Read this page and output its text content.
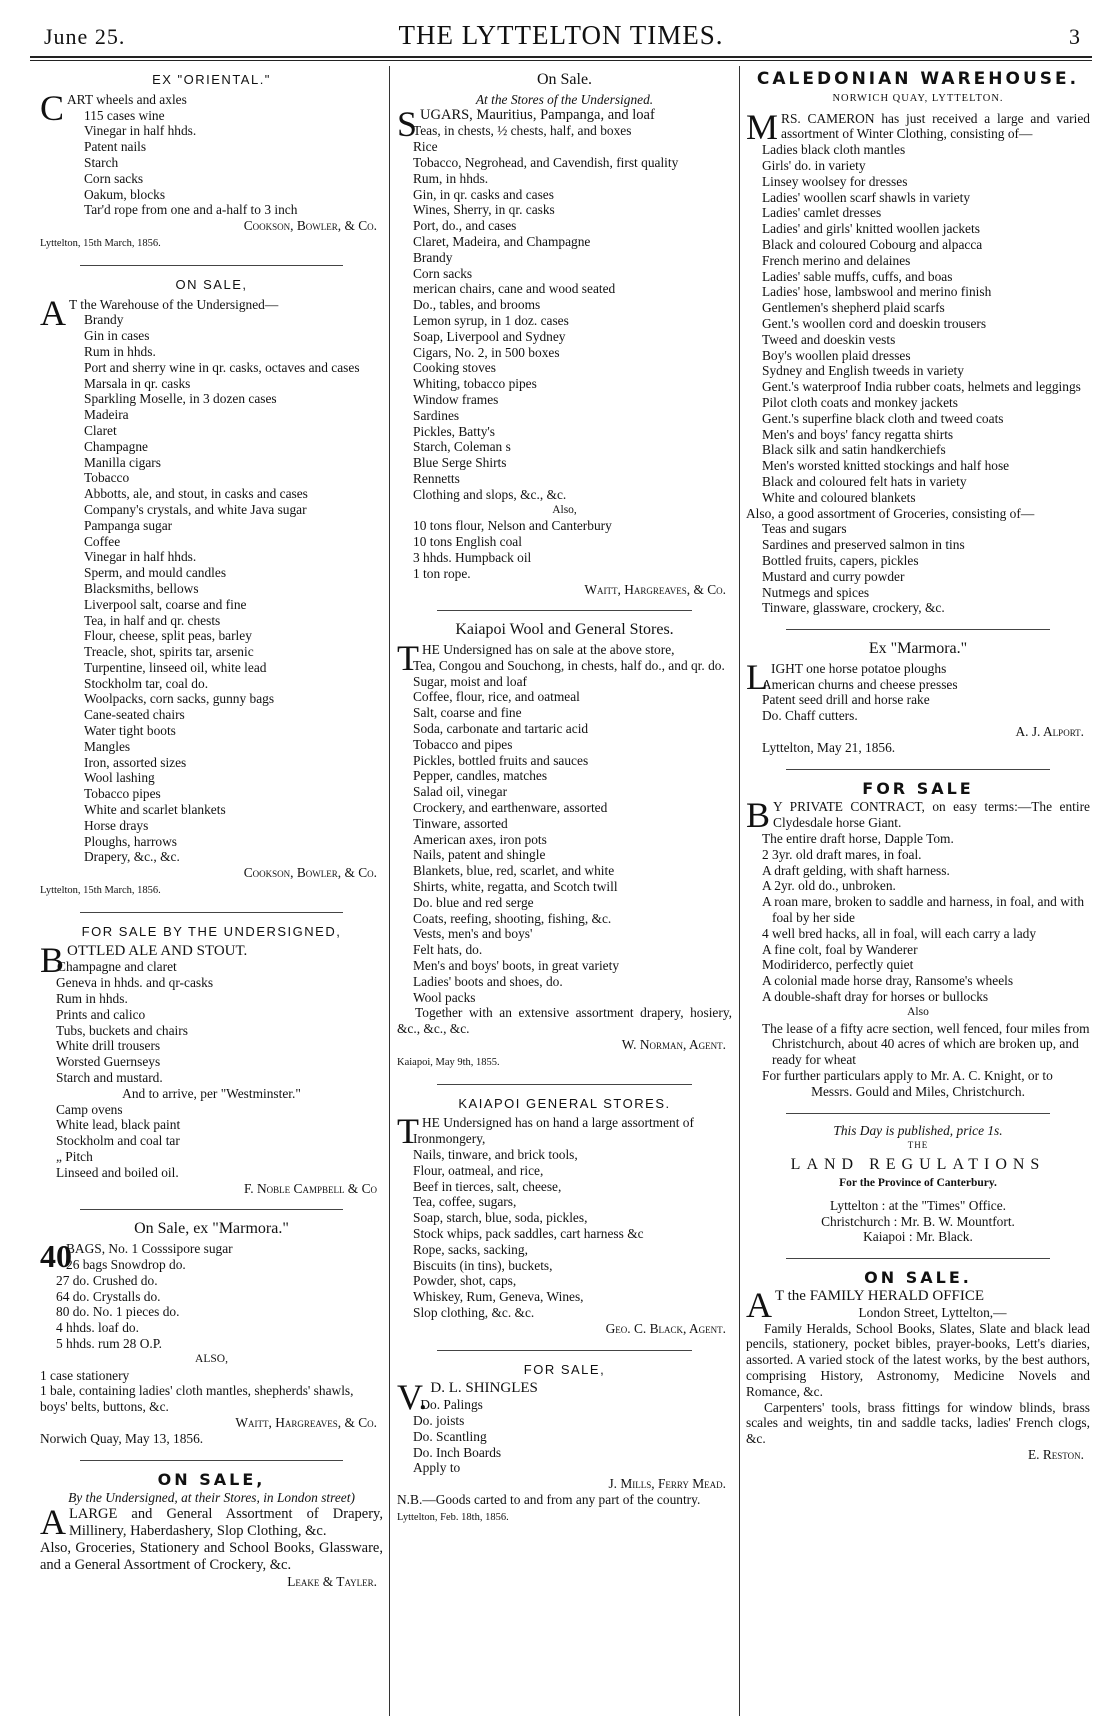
June 25.	THE LYTTELTON TIMES.	3
EX "ORIENTAL."
CART wheels and axles
115 cases wine
Vinegar in half hhds.
Patent nails
Starch
Corn sacks
Oakum, blocks
Tar'd rope from one and a-half to 3 inch
Cookson, Bowler, & Co.
Lyttelton, 15th March, 1856.
ON SALE,
AT the Warehouse of the Undersigned—
Brandy
Gin in cases
Rum in hhds.
Port and sherry wine in qr. casks, octaves and cases
Marsala in qr. casks
Sparkling Moselle, in 3 dozen cases
Madeira
Claret
Champagne
Manilla cigars
Tobacco
Abbotts, ale, and stout, in casks and cases
Company's crystals, and white Java sugar
Pampanga sugar
Coffee
Vinegar in half hhds.
Sperm, and mould candles
Blacksmiths, bellows
Liverpool salt, coarse and fine
Tea, in half and qr. chests
Flour, cheese, split peas, barley
Treacle, shot, spirits tar, arsenic
Turpentine, linseed oil, white lead
Stockholm tar, coal do.
Woolpacks, corn sacks, gunny bags
Cane-seated chairs
Water tight boots
Mangles
Iron, assorted sizes
Wool lashing
Tobacco pipes
White and scarlet blankets
Horse drays
Ploughs, harrows
Drapery, &c., &c.
Cookson, Bowler, & Co.
Lyttelton, 15th March, 1856.
FOR SALE BY THE UNDERSIGNED,
BOTTLED ALE AND STOUT.
Champagne and claret
Geneva in hhds. and qr-casks
Rum in hhds.
Prints and calico
Tubs, buckets and chairs
White drill trousers
Worsted Guernseys
Starch and mustard.
And to arrive, per "Westminster."
Camp ovens
White lead, black paint
Stockholm and coal tar
„ Pitch
Linseed and boiled oil.
F. Noble Campbell & Co
On Sale, ex "Marmora."
40
BAGS, No. 1 Cosssipore sugar
26 bags Snowdrop do.
27 do. Crushed do.
64 do. Crystalls do.
80 do. No. 1 pieces do.
4 hhds. loaf do.
5 hhds. rum 28 O.P.
ALSO,
1 case stationery
1 bale, containing ladies' cloth mantles, shepherds' shawls, boys' belts, buttons, &c.
Waitt, Hargreaves, & Co.
Norwich Quay, May 13, 1856.
ON SALE,
By the Undersigned, at their Stores, in London street)
ALARGE and General Assortment of Drapery, Millinery, Haberdashery, Slop Clothing, &c.
Also, Groceries, Stationery and School Books, Glassware, and a General Assortment of Crockery, &c.
Leake & Tayler.
On Sale.
At the Stores of the Undersigned.
SUGARS, Mauritius, Pampanga, and loaf
Teas, in chests, ½ chests, half, and boxes
Rice
Tobacco, Negrohead, and Cavendish, first quality
Rum, in hhds.
Gin, in qr. casks and cases
Wines, Sherry, in qr. casks
Port, do., and cases
Claret, Madeira, and Champagne
Brandy
Corn sacks
merican chairs, cane and wood seated
Do., tables, and brooms
Lemon syrup, in 1 doz. cases
Soap, Liverpool and Sydney
Cigars, No. 2, in 500 boxes
Cooking stoves
Whiting, tobacco pipes
Window frames
Sardines
Pickles, Batty's
Starch, Coleman s
Blue Serge Shirts
Rennetts
Clothing and slops, &c., &c.
Also,
10 tons flour, Nelson and Canterbury
10 tons English coal
3 hhds. Humpback oil
1 ton rope.
Waitt, Hargreaves, & Co.
Kaiapoi Wool and General Stores.
THE Undersigned has on sale at the above store,
Tea, Congou and Souchong, in chests, half do., and qr. do.
Sugar, moist and loaf
Coffee, flour, rice, and oatmeal
Salt, coarse and fine
Soda, carbonate and tartaric acid
Tobacco and pipes
Pickles, bottled fruits and sauces
Pepper, candles, matches
Salad oil, vinegar
Crockery, and earthenware, assorted
Tinware, assorted
American axes, iron pots
Nails, patent and shingle
Blankets, blue, red, scarlet, and white
Shirts, white, regatta, and Scotch twill
Do. blue and red serge
Coats, reefing, shooting, fishing, &c.
Vests, men's and boys'
Felt hats, do.
Men's and boys' boots, in great variety
Ladies' boots and shoes, do.
Wool packs
Together with an extensive assortment drapery, hosiery, &c., &c., &c.
W. Norman, Agent.
Kaiapoi, May 9th, 1855.
KAIAPOI GENERAL STORES.
THE Undersigned has on hand a large assortment of
Ironmongery,
Nails, tinware, and brick tools,
Flour, oatmeal, and rice,
Beef in tierces, salt, cheese,
Tea, coffee, sugars,
Soap, starch, blue, soda, pickles,
Stock whips, pack saddles, cart harness &c
Rope, sacks, sacking,
Biscuits (in tins), buckets,
Powder, shot, caps,
Whiskey, Rum, Geneva, Wines,
Slop clothing, &c. &c.
Geo. C. Black, Agent.
FOR SALE,
V.D. L. SHINGLES
Do. Palings
Do. joists
Do. Scantling
Do. Inch Boards
Apply to
J. Mills, Ferry Mead.
N.B.—Goods carted to and from any part of the country.
Lyttelton, Feb. 18th, 1856.
CALEDONIAN WAREHOUSE.
NORWICH QUAY, LYTTELTON.
MRS. CAMERON has just received a large and varied assortment of Winter Clothing, consisting of—
Ladies black cloth mantles
Girls' do. in variety
Linsey woolsey for dresses
Ladies' woollen scarf shawls in variety
Ladies' camlet dresses
Ladies' and girls' knitted woollen jackets
Black and coloured Cobourg and alpacca
French merino and delaines
Ladies' sable muffs, cuffs, and boas
Ladies' hose, lambswool and merino finish
Gentlemen's shepherd plaid scarfs
Gent.'s woollen cord and doeskin trousers
Tweed and doeskin vests
Boy's woollen plaid dresses
Sydney and English tweeds in variety
Gent.'s waterproof India rubber coats, helmets and leggings
Pilot cloth coats and monkey jackets
Gent.'s superfine black cloth and tweed coats
Men's and boys' fancy regatta shirts
Black silk and satin handkerchiefs
Men's worsted knitted stockings and half hose
Black and coloured felt hats in variety
White and coloured blankets
Also, a good assortment of Groceries, consisting of—
Teas and sugars
Sardines and preserved salmon in tins
Bottled fruits, capers, pickles
Mustard and curry powder
Nutmegs and spices
Tinware, glassware, crockery, &c.
Ex "Marmora."
LIGHT one horse potatoe ploughs
American churns and cheese presses
Patent seed drill and horse rake
Do. Chaff cutters.
A. J. Alport.
Lyttelton, May 21, 1856.
FOR SALE
BY PRIVATE CONTRACT, on easy terms:—The entire Clydesdale horse Giant.
The entire draft horse, Dapple Tom.
2 3yr. old draft mares, in foal.
A draft gelding, with shaft harness.
A 2yr. old do., unbroken.
A roan mare, broken to saddle and harness, in foal, and with foal by her side
4 well bred hacks, all in foal, will each carry a lady
A fine colt, foal by Wanderer
Modiriderco, perfectly quiet
A colonial made horse dray, Ransome's wheels
A double-shaft dray for horses or bullocks
Also
The lease of a fifty acre section, well fenced, four miles from Christchurch, about 40 acres of which are broken up, and ready for wheat
For further particulars apply to Mr. A. C. Knight, or to
Messrs. Gould and Miles, Christchurch.
This Day is published, price 1s.
THE
LAND REGULATIONS
For the Province of Canterbury.
Lyttelton : at the "Times" Office.
Christchurch : Mr. B. W. Mountfort.
Kaiapoi : Mr. Black.
ON SALE.
AT the FAMILY HERALD OFFICE
London Street, Lyttelton,—
Family Heralds, School Books, Slates, Slate and black lead pencils, stationery, pocket bibles, prayer-books, Lett's diaries, assorted. A varied stock of the latest works, by the best authors, comprising History, Astronomy, Medicine Novels and Romance, &c.
Carpenters' tools, brass fittings for window blinds, brass scales and weights, tin and saddle tacks, ladies' French clogs, &c.
E. Reston.
